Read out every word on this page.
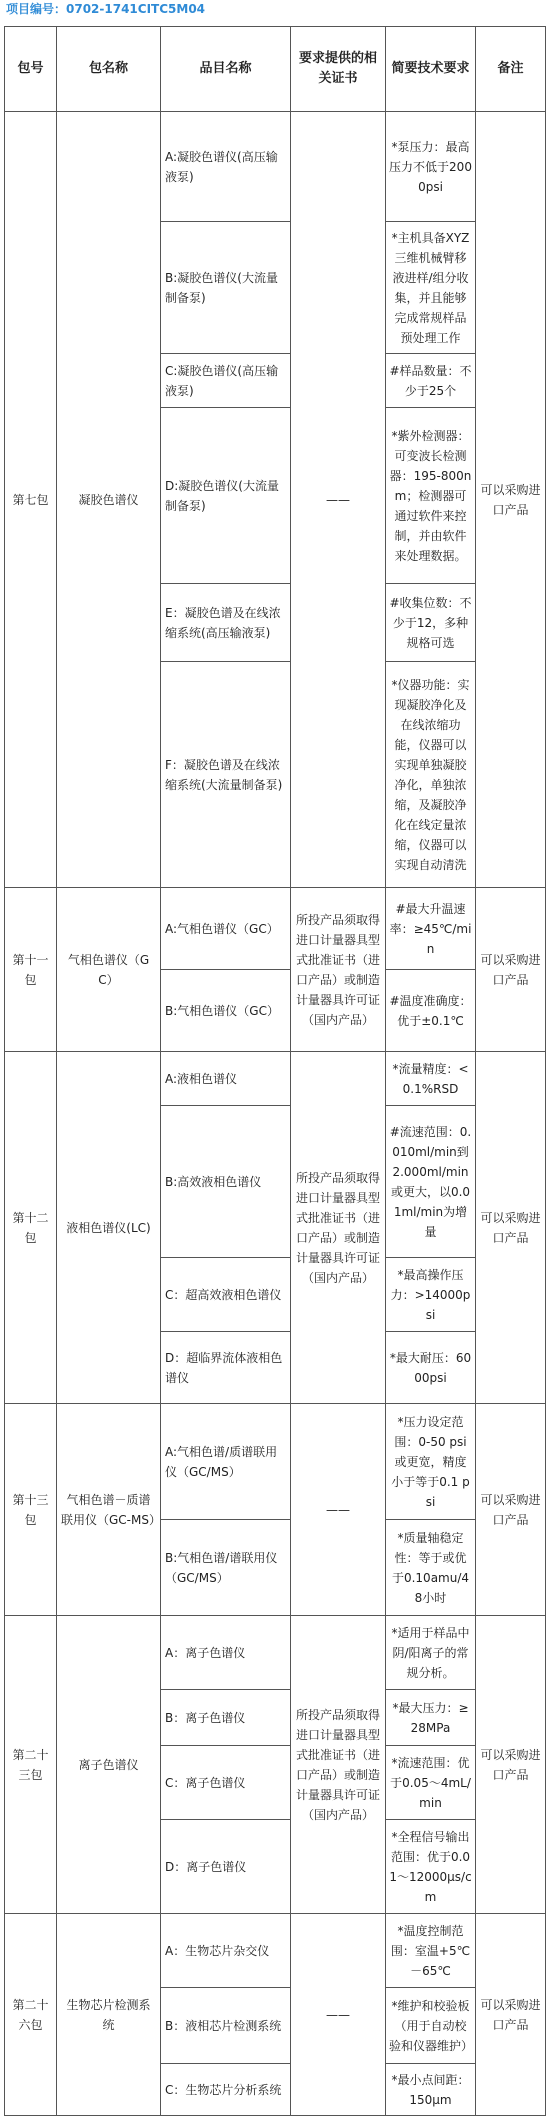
项目编号：0702-1741CITC5M04
包号	包名称	品目名称	要求提供的相关证书	简要技术要求	备注
第七包	凝胶色谱仪	A:凝胶色谱仪(高压输液泵)	——	*泵压力：最高压力不低于2000psi	可以采购进口产品
		B:凝胶色谱仪(大流量制备泵)		*主机具备XYZ三维机械臂移液进样/组分收集，并且能够完成常规样品预处理工作	
		C:凝胶色谱仪(高压输液泵)		#样品数量：不少于25个	
		D:凝胶色谱仪(大流量制备泵)		*紫外检测器：可变波长检测器：195-800nm；检测器可通过软件来控制，并由软件来处理数据。	
		E：凝胶色谱及在线浓缩系统(高压输液泵)		#收集位数：不少于12，多种规格可选	
		F：凝胶色谱及在线浓缩系统(大流量制备泵)		*仪器功能：实现凝胶净化及在线浓缩功能，仪器可以实现单独凝胶净化，单独浓缩，及凝胶净化在线定量浓缩，仪器可以实现自动清洗	
第十一包	气相色谱仪（GC）	A:气相色谱仪（GC）	所投产品须取得进口计量器具型式批准证书（进口产品）或制造计量器具许可证（国内产品）	#最大升温速率：≥45℃/min	可以采购进口产品
		B:气相色谱仪（GC）		#温度准确度：优于±0.1℃	
第十二包	液相色谱仪(LC)	A:液相色谱仪	所投产品须取得进口计量器具型式批准证书（进口产品）或制造计量器具许可证（国内产品）	*流量精度：<0.1%RSD	可以采购进口产品
		B:高效液相色谱仪		#流速范围：0.010ml/min到2.000ml/min或更大，以0.01ml/min为增量	
		C：超高效液相色谱仪		*最高操作压力：>14000psi	
		D：超临界流体液相色谱仪		*最大耐压：6000psi	
第十三包	气相色谱－质谱联用仪（GC-MS）	A:气相色谱/质谱联用仪（GC/MS）	——	*压力设定范围：0-50 psi或更宽，精度小于等于0.1 psi	可以采购进口产品
		B:气相色谱/谱联用仪（GC/MS）		*质量轴稳定性：等于或优于0.10amu/48小时	
第二十三包	离子色谱仪	A：离子色谱仪	所投产品须取得进口计量器具型式批准证书（进口产品）或制造计量器具许可证（国内产品）	*适用于样品中阴/阳离子的常规分析。	可以采购进口产品
		B：离子色谱仪		*最大压力：≥28MPa	
		C：离子色谱仪		*流速范围：优于0.05～4mL/min	
		D：离子色谱仪		*全程信号输出范围：优于0.01～12000μs/cm	
第二十六包	生物芯片检测系统	A：生物芯片杂交仪	——	*温度控制范围：室温+5℃－65℃	可以采购进口产品
		B：液相芯片检测系统		*维护和校验板（用于自动校验和仪器维护）	
		C：生物芯片分析系统		*最小点间距：150μm	
